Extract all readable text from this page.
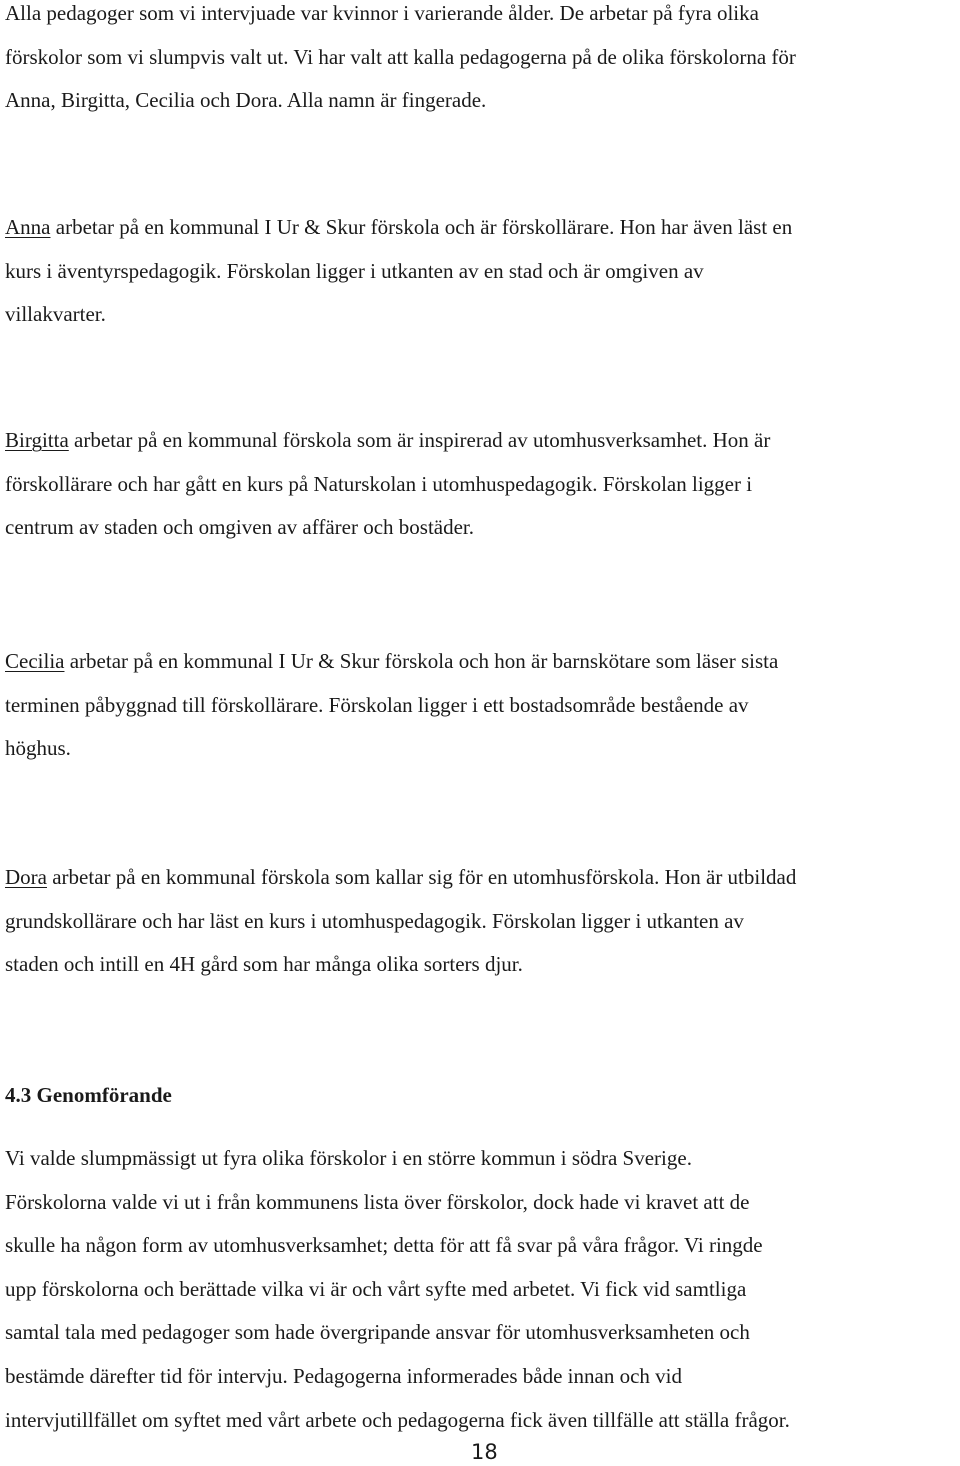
Alla pedagoger som vi intervjuade var kvinnor i varierande ålder. De arbetar på fyra olika
förskolor som vi slumpvis valt ut. Vi har valt att kalla pedagogerna på de olika förskolorna för
Anna, Birgitta, Cecilia och Dora. Alla namn är fingerade.

Anna arbetar på en kommunal I Ur & Skur förskola och är förskollärare. Hon har även läst en
kurs i äventyrspedagogik. Förskolan ligger i utkanten av en stad och är omgiven av
villakvarter.

Birgitta arbetar på en kommunal förskola som är inspirerad av utomhusverksamhet. Hon är
förskollärare och har gått en kurs på Naturskolan i utomhuspedagogik. Förskolan ligger i
centrum av staden och omgiven av affärer och bostäder.

Cecilia arbetar på en kommunal I Ur & Skur förskola och hon är barnskötare som läser sista
terminen påbyggnad till förskollärare. Förskolan ligger i ett bostadsområde bestående av
höghus.

Dora arbetar på en kommunal förskola som kallar sig för en utomhusförskola. Hon är utbildad
grundskollärare och har läst en kurs i utomhuspedagogik. Förskolan ligger i utkanten av
staden och intill en 4H gård som har många olika sorters djur.

4.3 Genomförande

Vi valde slumpmässigt ut fyra olika förskolor i en större kommun i södra Sverige.
Förskolorna valde vi ut i från kommunens lista över förskolor, dock hade vi kravet att de
skulle ha någon form av utomhusverksamhet; detta för att få svar på våra frågor. Vi ringde
upp förskolorna och berättade vilka vi är och vårt syfte med arbetet. Vi fick vid samtliga
samtal tala med pedagoger som hade övergripande ansvar för utomhusverksamheten och
bestämde därefter tid för intervju. Pedagogerna informerades både innan och vid
intervjutillfället om syftet med vårt arbete och pedagogerna fick även tillfälle att ställa frågor.

18
